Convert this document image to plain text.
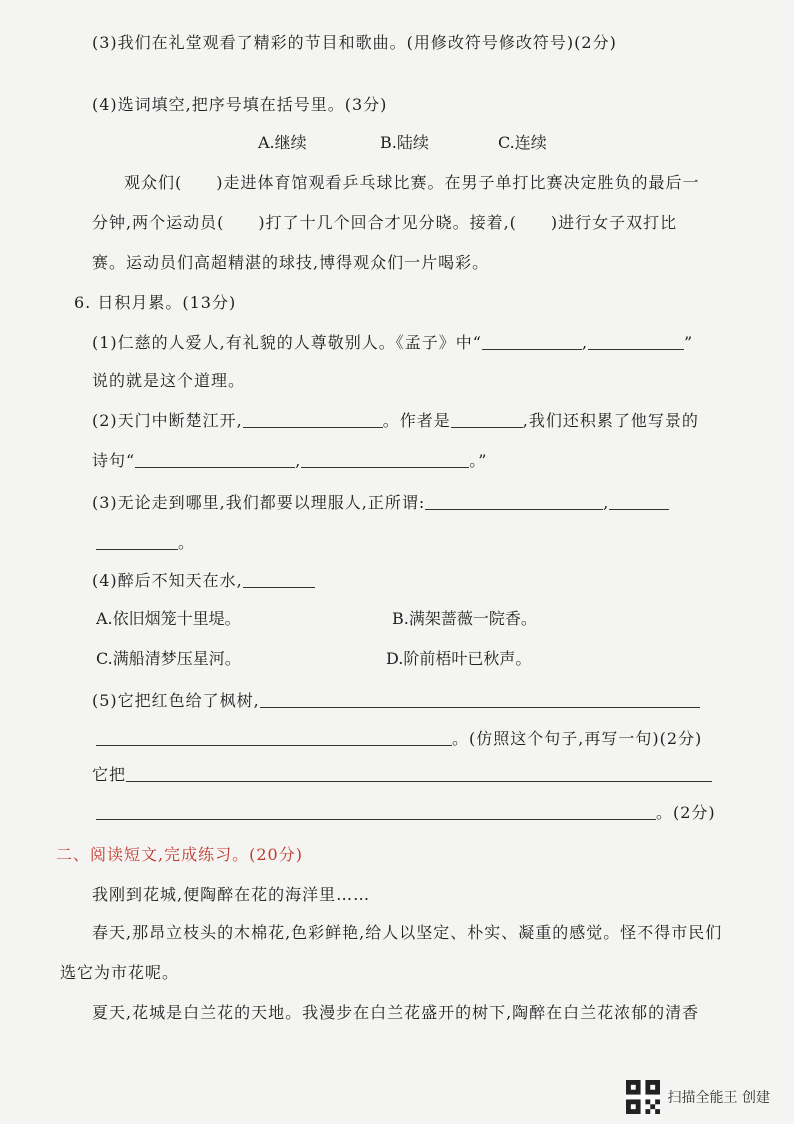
(3)我们在礼堂观看了精彩的节目和歌曲。(用修改符号修改符号)(2分)
(4)选词填空,把序号填在括号里。(3分)
A.继续	B.陆续	C.连续
观众们( )走进体育馆观看乒乓球比赛。在男子单打比赛决定胜负的最后一
分钟,两个运动员( )打了十几个回合才见分晓。接着,( )进行女子双打比
赛。运动员们高超精湛的球技,博得观众们一片喝彩。
6. 日积月累。(13分)
(1)仁慈的人爱人,有礼貌的人尊敬别人。《孟子》中“	,	”
说的就是这个道理。
(2)天门中断楚江开,	。作者是	,我们还积累了他写景的
诗句“	,	。”
(3)无论走到哪里,我们都要以理服人,正所谓:	,
。
(4)醉后不知天在水,
A.依旧烟笼十里堤。	B.满架蔷薇一院香。
C.满船清梦压星河。	D.阶前梧叶已秋声。
(5)它把红色给了枫树,
。(仿照这个句子,再写一句)(2分)
它把
。(2分)
二、阅读短文,完成练习。(20分)
我刚到花城,便陶醉在花的海洋里……
春天,那昂立枝头的木棉花,色彩鲜艳,给人以坚定、朴实、凝重的感觉。怪不得市民们
选它为市花呢。
夏天,花城是白兰花的天地。我漫步在白兰花盛开的树下,陶醉在白兰花浓郁的清香
扫描全能王 创建
